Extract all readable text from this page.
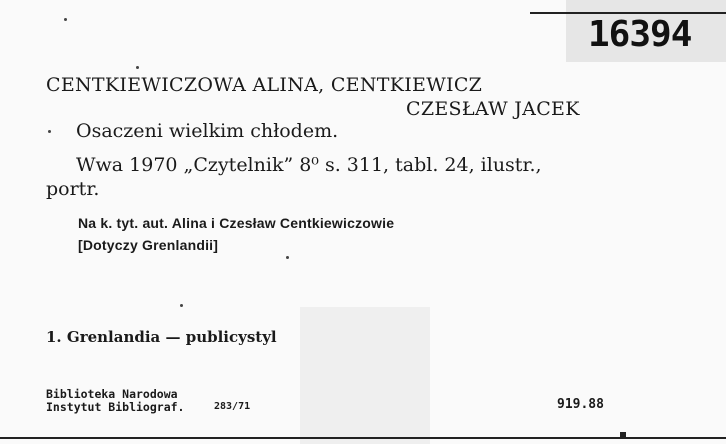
16394
CENTKIEWICZOWA ALINA, CENTKIEWICZ
CZESŁAW JACEK
Osaczeni wielkim chłodem.
Wwa 1970 „Czytelnik” 8⁰ s. 311, tabl. 24, ilustr.,
portr.
Na k. tyt. aut. Alina i Czesław Centkiewiczowie
[Dotyczy Grenlandii]
1. Grenlandia — publicystyl
Biblioteka Narodowa
Instytut Bibliograf.	283/71	919.88
